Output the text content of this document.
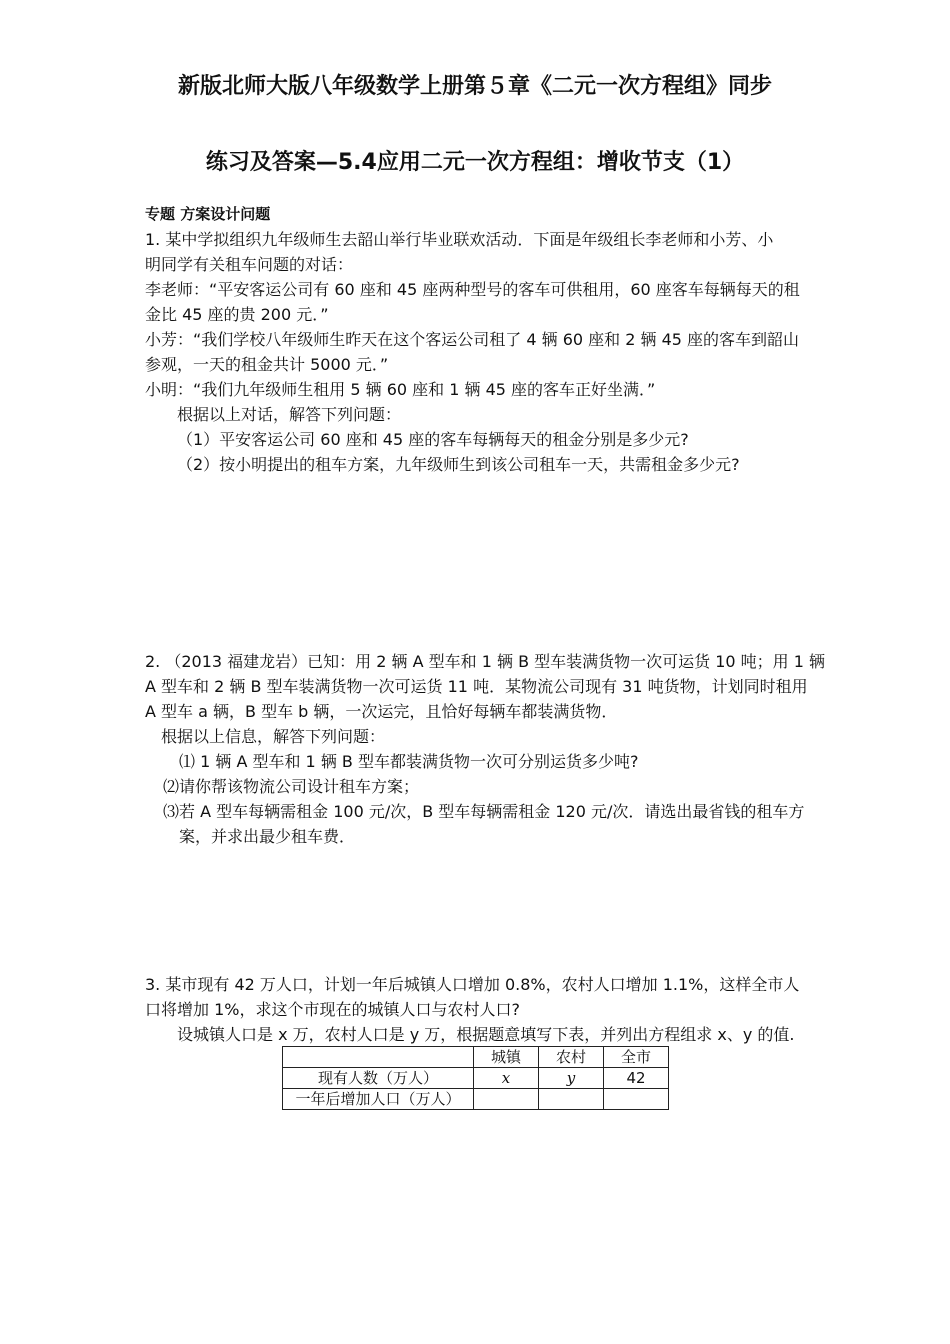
新版北师大版八年级数学上册第５章《二元一次方程组》同步
练习及答案—5.4应用二元一次方程组：增收节支（1）
专题 方案设计问题
1. 某中学拟组织九年级师生去韶山举行毕业联欢活动．下面是年级组长李老师和小芳、小
明同学有关租车问题的对话：
李老师：“平安客运公司有 60 座和 45 座两种型号的客车可供租用，60 座客车每辆每天的租
金比 45 座的贵 200 元．”
小芳：“我们学校八年级师生昨天在这个客运公司租了 4 辆 60 座和 2 辆 45 座的客车到韶山
参观，一天的租金共计 5000 元．”
小明：“我们九年级师生租用 5 辆 60 座和 1 辆 45 座的客车正好坐满．”
根据以上对话，解答下列问题：
（1）平安客运公司 60 座和 45 座的客车每辆每天的租金分别是多少元?
（2）按小明提出的租车方案，九年级师生到该公司租车一天，共需租金多少元?
2. （2013 福建龙岩）已知：用 2 辆 A 型车和 1 辆 B 型车装满货物一次可运货 10 吨；用 1 辆
A 型车和 2 辆 B 型车装满货物一次可运货 11 吨．某物流公司现有 31 吨货物，计划同时租用
A 型车 a 辆，B 型车 b 辆，一次运完，且恰好每辆车都装满货物．
根据以上信息，解答下列问题：
⑴ 1 辆 A 型车和 1 辆 B 型车都装满货物一次可分别运货多少吨?
⑵请你帮该物流公司设计租车方案；
⑶若 A 型车每辆需租金 100 元/次，B 型车每辆需租金 120 元/次．请选出最省钱的租车方
案，并求出最少租车费．
3. 某市现有 42 万人口，计划一年后城镇人口增加 0.8%，农村人口增加 1.1%，这样全市人
口将增加 1%，求这个市现在的城镇人口与农村人口?
设城镇人口是 x 万，农村人口是 y 万，根据题意填写下表，并列出方程组求 x、y 的值.
	城镇	农村	全市
现有人数（万人）	x	y	42
一年后增加人口（万人）			
